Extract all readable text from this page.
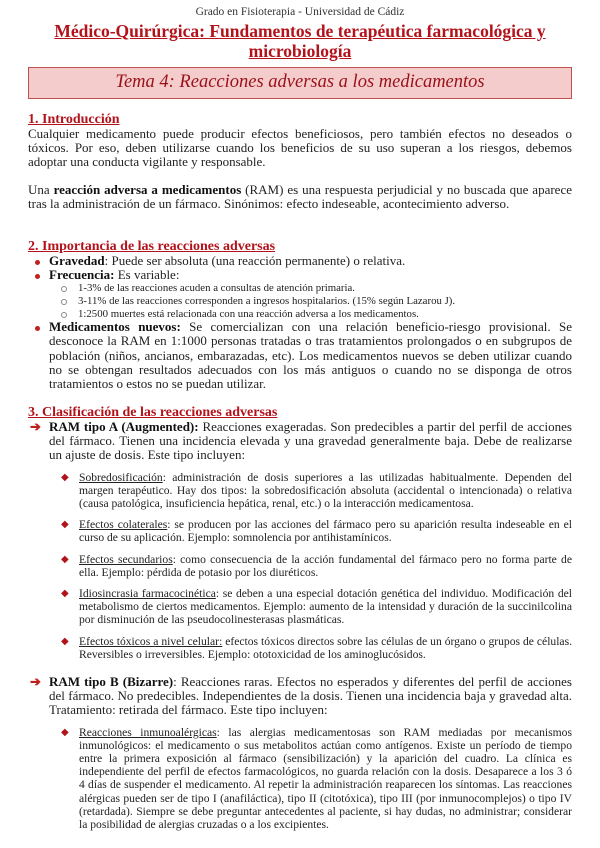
Grado en Fisioterapia - Universidad de Cádiz
Médico-Quirúrgica: Fundamentos de terapéutica farmacológica y microbiología
Tema 4: Reacciones adversas a los medicamentos
1. Introducción

Cualquier medicamento puede producir efectos beneficiosos, pero también efectos no deseados o tóxicos. Por eso, deben utilizarse cuando los beneficios de su uso superan a los riesgos, debemos adoptar una conducta vigilante y responsable.

Una reacción adversa a medicamentos (RAM) es una respuesta perjudicial y no buscada que aparece tras la administración de un fármaco. Sinónimos: efecto indeseable, acontecimiento adverso.

2. Importancia de las reacciones adversas
Gravedad: Puede ser absoluta (una reacción permanente) o relativa.
Frecuencia: Es variable:
1-3% de las reacciones acuden a consultas de atención primaria.
3-11% de las reacciones corresponden a ingresos hospitalarios. (15% según Lazarou J).
1:2500 muertes está relacionada con una reacción adversa a los medicamentos.
Medicamentos nuevos: Se comercializan con una relación beneficio-riesgo provisional. Se desconoce la RAM en 1:1000 personas tratadas o tras tratamientos prolongados o en subgrupos de población (niños, ancianos, embarazadas, etc). Los medicamentos nuevos se deben utilizar cuando no se obtengan resultados adecuados con los más antiguos o cuando no se disponga de otros tratamientos o estos no se puedan utilizar.
3. Clasificación de las reacciones adversas
➔ RAM tipo A (Augmented): Reacciones exageradas. Son predecibles a partir del perfil de acciones del fármaco. Tienen una incidencia elevada y una gravedad generalmente baja. Debe de realizarse un ajuste de dosis. Este tipo incluyen:
◆ Sobredosificación: administración de dosis superiores a las utilizadas habitualmente. Dependen del margen terapéutico. Hay dos tipos: la sobredosificación absoluta (accidental o intencionada) o relativa (causa patológica, insuficiencia hepática, renal, etc.) o la interacción medicamentosa.
◆ Efectos colaterales: se producen por las acciones del fármaco pero su aparición resulta indeseable en el curso de su aplicación. Ejemplo: somnolencia por antihistamínicos.
◆ Efectos secundarios: como consecuencia de la acción fundamental del fármaco pero no forma parte de ella. Ejemplo: pérdida de potasio por los diuréticos.
◆ Idiosincrasia farmacocinética: se deben a una especial dotación genética del individuo. Modificación del metabolismo de ciertos medicamentos. Ejemplo: aumento de la intensidad y duración de la succinilcolina por disminución de las pseudocolinesterasas plasmáticas.
◆ Efectos tóxicos a nivel celular: efectos tóxicos directos sobre las células de un órgano o grupos de células. Reversibles o irreversibles. Ejemplo: ototoxicidad de los aminoglucósidos.
➔ RAM tipo B (Bizarre): Reacciones raras. Efectos no esperados y diferentes del perfil de acciones del fármaco. No predecibles. Independientes de la dosis. Tienen una incidencia baja y gravedad alta. Tratamiento: retirada del fármaco. Este tipo incluyen:
◆ Reacciones inmunoalérgicas: las alergias medicamentosas son RAM mediadas por mecanismos inmunológicos: el medicamento o sus metabolitos actúan como antígenos. Existe un período de tiempo entre la primera exposición al fármaco (sensibilización) y la aparición del cuadro. La clínica es independiente del perfil de efectos farmacológicos, no guarda relación con la dosis. Desaparece a los 3 ó 4 días de suspender el medicamento. Al repetir la administración reaparecen los síntomas. Las reacciones alérgicas pueden ser de tipo I (anafiláctica), tipo II (citotóxica), tipo III (por inmunocomplejos) o tipo IV (retardada). Siempre se debe preguntar antecedentes al paciente, si hay dudas, no administrar; considerar la posibilidad de alergias cruzadas o a los excipientes.
